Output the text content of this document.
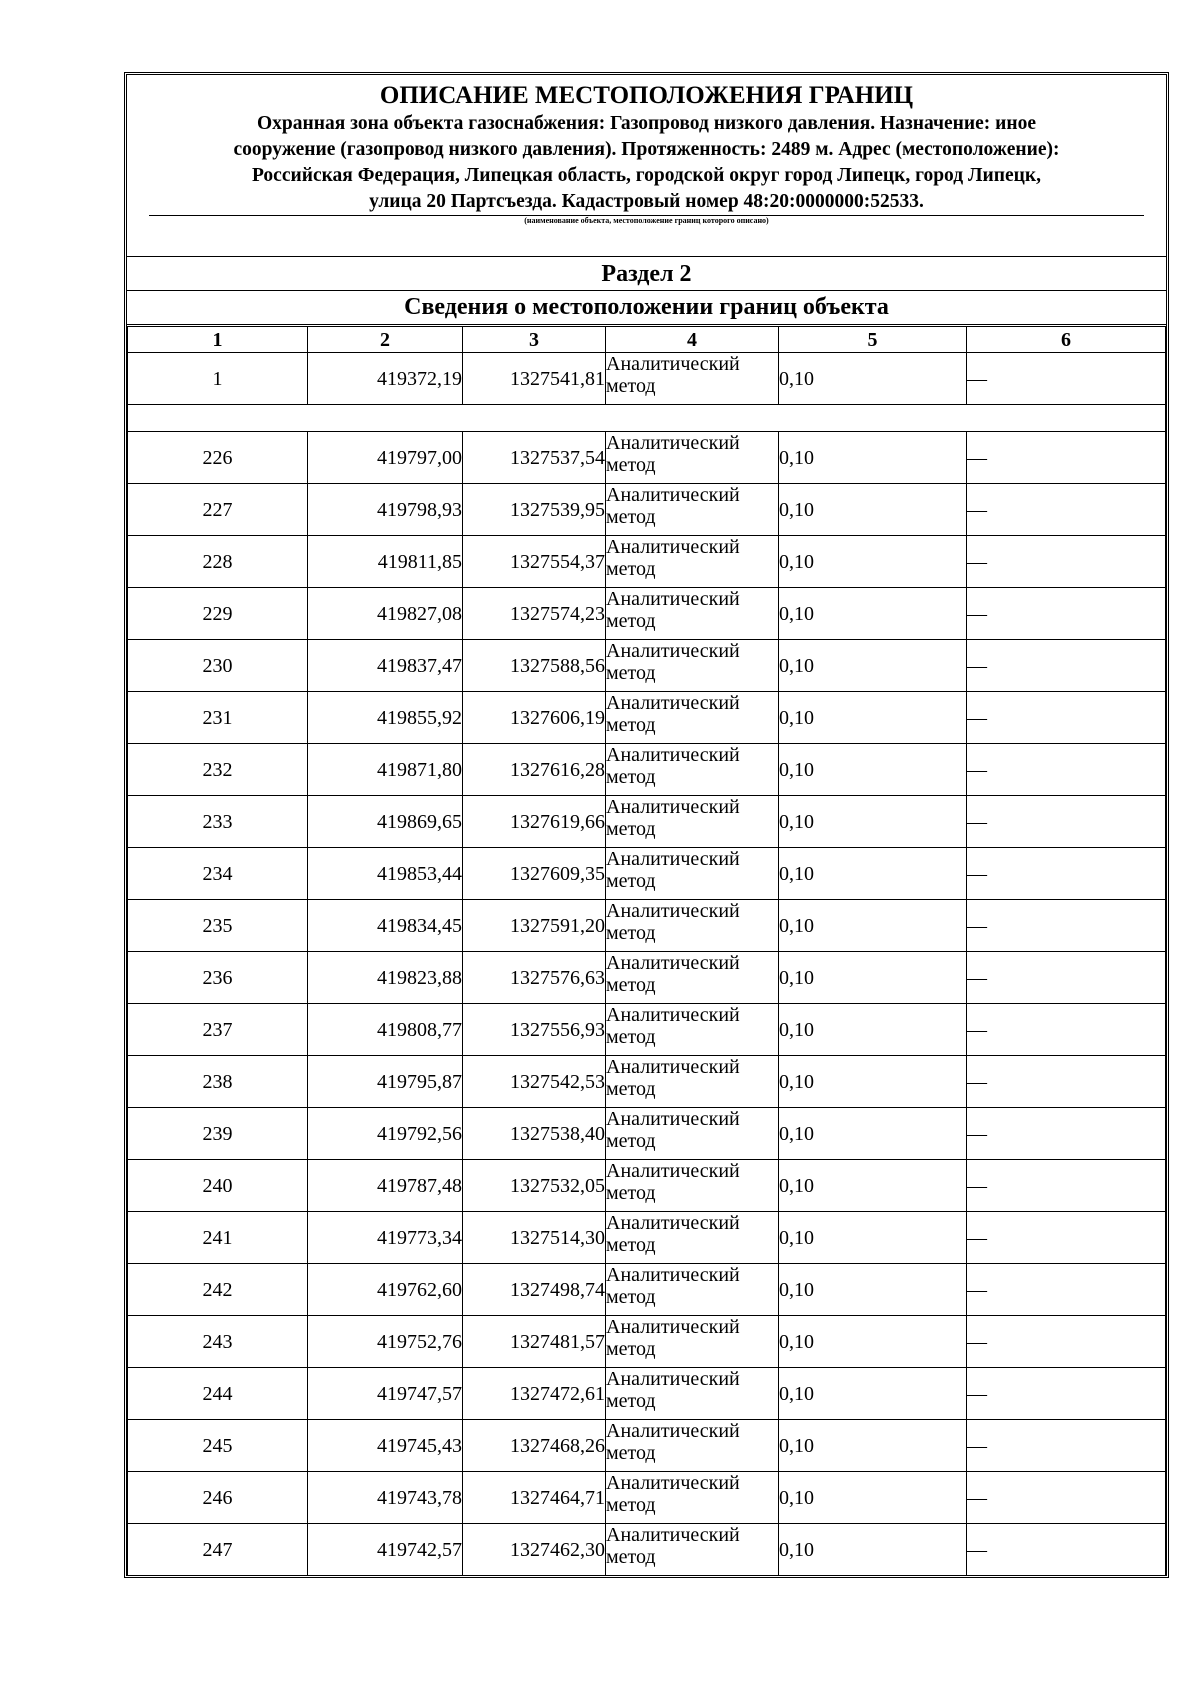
ОПИСАНИЕ МЕСТОПОЛОЖЕНИЯ ГРАНИЦ
Охранная зона объекта газоснабжения: Газопровод низкого давления. Назначение: иное
сооружение (газопровод низкого давления). Протяженность: 2489 м. Адрес (местоположение):
Российская Федерация, Липецкая область, городской округ город Липецк, город Липецк,
улица 20 Партсъезда. Кадастровый номер 48:20:0000000:52533.
(наименование объекта, местоположение границ которого описано)
Раздел 2
Сведения о местоположении границ объекта
1	2	3	4	5	6
1	419372,19	1327541,81	Аналитический
метод	0,10	—

226	419797,00	1327537,54	Аналитический
метод	0,10	—
227	419798,93	1327539,95	Аналитический
метод	0,10	—
228	419811,85	1327554,37	Аналитический
метод	0,10	—
229	419827,08	1327574,23	Аналитический
метод	0,10	—
230	419837,47	1327588,56	Аналитический
метод	0,10	—
231	419855,92	1327606,19	Аналитический
метод	0,10	—
232	419871,80	1327616,28	Аналитический
метод	0,10	—
233	419869,65	1327619,66	Аналитический
метод	0,10	—
234	419853,44	1327609,35	Аналитический
метод	0,10	—
235	419834,45	1327591,20	Аналитический
метод	0,10	—
236	419823,88	1327576,63	Аналитический
метод	0,10	—
237	419808,77	1327556,93	Аналитический
метод	0,10	—
238	419795,87	1327542,53	Аналитический
метод	0,10	—
239	419792,56	1327538,40	Аналитический
метод	0,10	—
240	419787,48	1327532,05	Аналитический
метод	0,10	—
241	419773,34	1327514,30	Аналитический
метод	0,10	—
242	419762,60	1327498,74	Аналитический
метод	0,10	—
243	419752,76	1327481,57	Аналитический
метод	0,10	—
244	419747,57	1327472,61	Аналитический
метод	0,10	—
245	419745,43	1327468,26	Аналитический
метод	0,10	—
246	419743,78	1327464,71	Аналитический
метод	0,10	—
247	419742,57	1327462,30	Аналитический
метод	0,10	—
